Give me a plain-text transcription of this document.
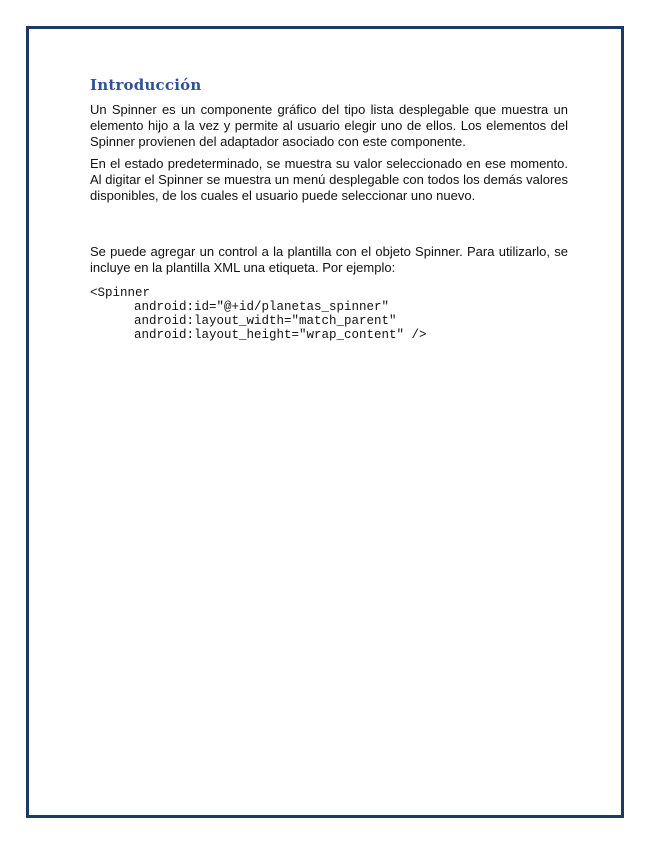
Introducción

Un Spinner es un componente gráfico del tipo lista desplegable que muestra un elemento hijo a la vez y permite al usuario elegir uno de ellos. Los elementos del Spinner provienen del adaptador asociado con este componente.

En el estado predeterminado, se muestra su valor seleccionado en ese momento. Al digitar el Spinner se muestra un menú desplegable con todos los demás valores disponibles, de los cuales el usuario puede seleccionar uno nuevo.

Se puede agregar un control a la plantilla con el objeto Spinner. Para utilizarlo, se incluye en la plantilla XML una etiqueta. Por ejemplo:

<Spinner
android:id="@+id/planetas_spinner"
android:layout_width="match_parent"
android:layout_height="wrap_content" />
